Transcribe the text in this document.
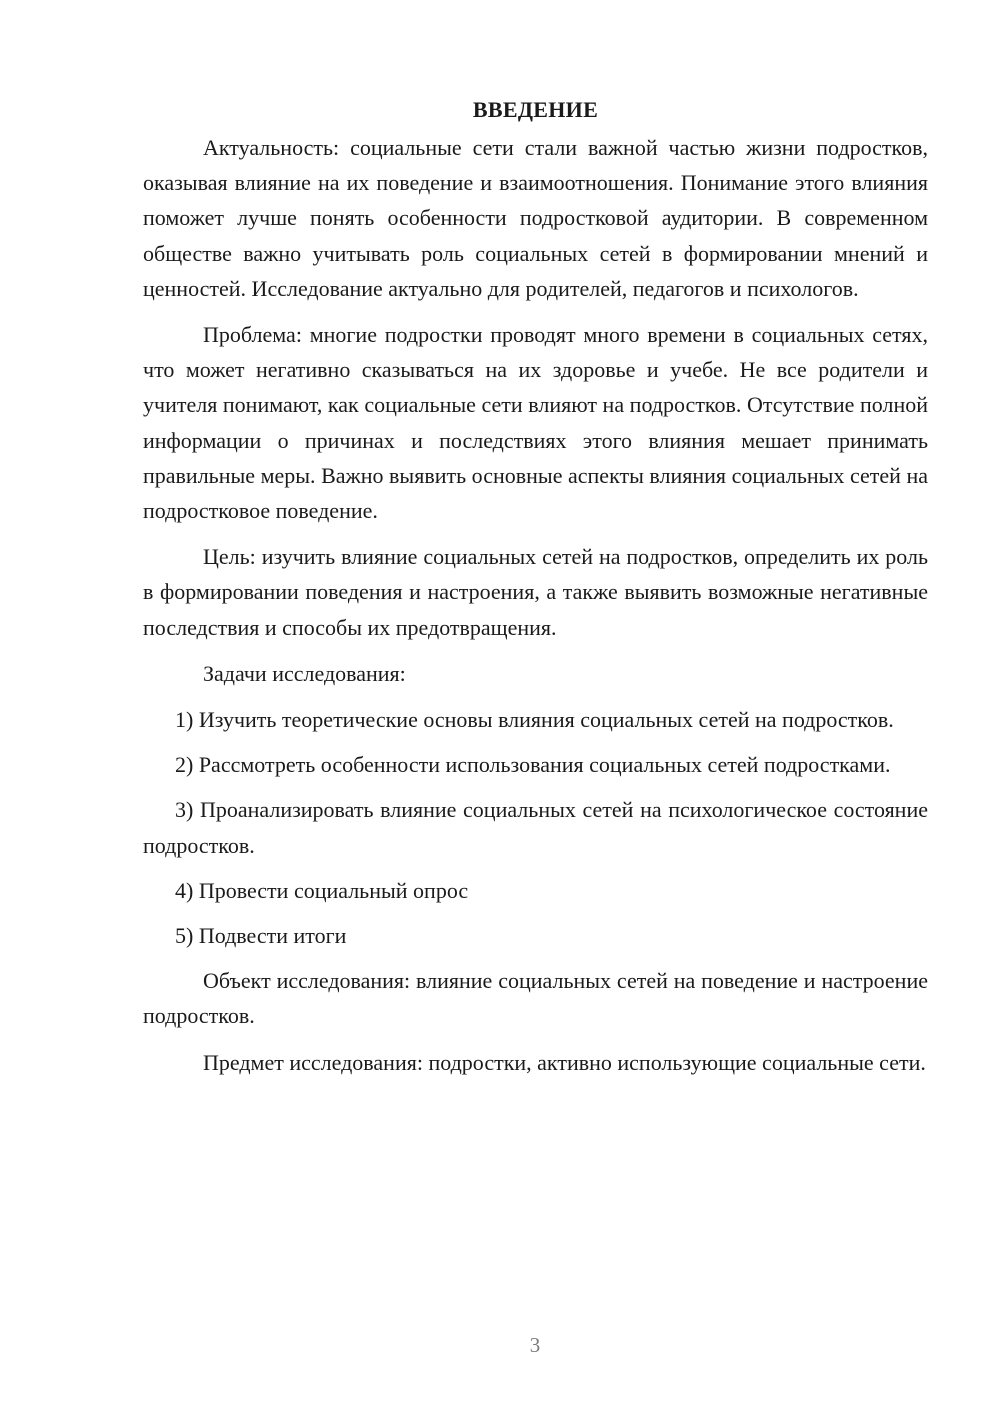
ВВЕДЕНИЕ

Актуальность: социальные сети стали важной частью жизни подростков, оказывая влияние на их поведение и взаимоотношения. Понимание этого влияния поможет лучше понять особенности подростковой аудитории. В современном обществе важно учитывать роль социальных сетей в формировании мнений и ценностей. Исследование актуально для родителей, педагогов и психологов.

Проблема: многие подростки проводят много времени в социальных сетях, что может негативно сказываться на их здоровье и учебе. Не все родители и учителя понимают, как социальные сети влияют на подростков. Отсутствие полной информации о причинах и последствиях этого влияния мешает принимать правильные меры. Важно выявить основные аспекты влияния социальных сетей на подростковое поведение.

Цель: изучить влияние социальных сетей на подростков, определить их роль в формировании поведения и настроения, а также выявить возможные негативные последствия и способы их предотвращения.

Задачи исследования:

1) Изучить теоретические основы влияния социальных сетей на подростков.

2) Рассмотреть особенности использования социальных сетей подростками.

3) Проанализировать влияние социальных сетей на психологическое состояние подростков.

4) Провести социальный опрос

5) Подвести итоги

Объект исследования: влияние социальных сетей на поведение и настроение подростков.

Предмет исследования: подростки, активно использующие социальные сети.

3
